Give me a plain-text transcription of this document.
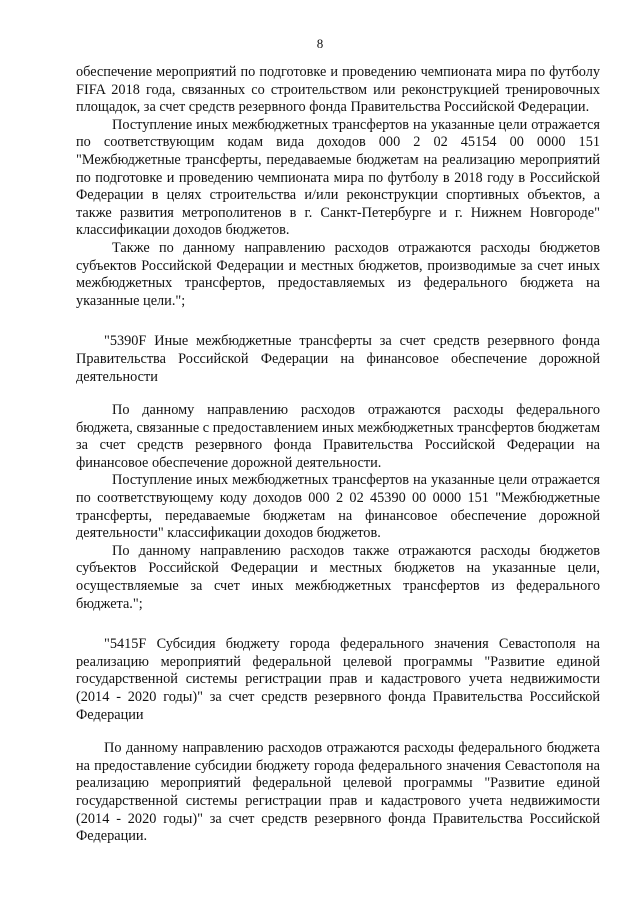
8

обеспечение мероприятий по подготовке и проведению чемпионата мира по футболу FIFA 2018 года, связанных со строительством или реконструкцией тренировочных площадок, за счет средств резервного фонда Правительства Российской Федерации.

Поступление иных межбюджетных трансфертов на указанные цели отражается по соответствующим кодам вида доходов 000 2 02 45154 00 0000 151 "Межбюджетные трансферты, передаваемые бюджетам на реализацию мероприятий по подготовке и проведению чемпионата мира по футболу в 2018 году в Российской Федерации в целях строительства и/или реконструкции спортивных объектов, а также развития метрополитенов в г. Санкт-Петербурге и г. Нижнем Новгороде" классификации доходов бюджетов.

Также по данному направлению расходов отражаются расходы бюджетов субъектов Российской Федерации и местных бюджетов, производимые за счет иных межбюджетных трансфертов, предоставляемых из федерального бюджета на указанные цели.";

"5390F Иные межбюджетные трансферты за счет средств резервного фонда Правительства Российской Федерации на финансовое обеспечение дорожной деятельности

По данному направлению расходов отражаются расходы федерального бюджета, связанные с предоставлением иных межбюджетных трансфертов бюджетам за счет средств резервного фонда Правительства Российской Федерации на финансовое обеспечение дорожной деятельности.

Поступление иных межбюджетных трансфертов на указанные цели отражается по соответствующему коду доходов 000 2 02 45390 00 0000 151 "Межбюджетные трансферты, передаваемые бюджетам на финансовое обеспечение дорожной деятельности" классификации доходов бюджетов.

По данному направлению расходов также отражаются расходы бюджетов субъектов Российской Федерации и местных бюджетов на указанные цели, осуществляемые за счет иных межбюджетных трансфертов из федерального бюджета.";

"5415F Субсидия бюджету города федерального значения Севастополя на реализацию мероприятий федеральной целевой программы "Развитие единой государственной системы регистрации прав и кадастрового учета недвижимости (2014 - 2020 годы)" за счет средств резервного фонда Правительства Российской Федерации

По данному направлению расходов отражаются расходы федерального бюджета на предоставление субсидии бюджету города федерального значения Севастополя на реализацию мероприятий федеральной целевой программы "Развитие единой государственной системы регистрации прав и кадастрового учета недвижимости (2014 - 2020 годы)" за счет средств резервного фонда Правительства Российской Федерации.
